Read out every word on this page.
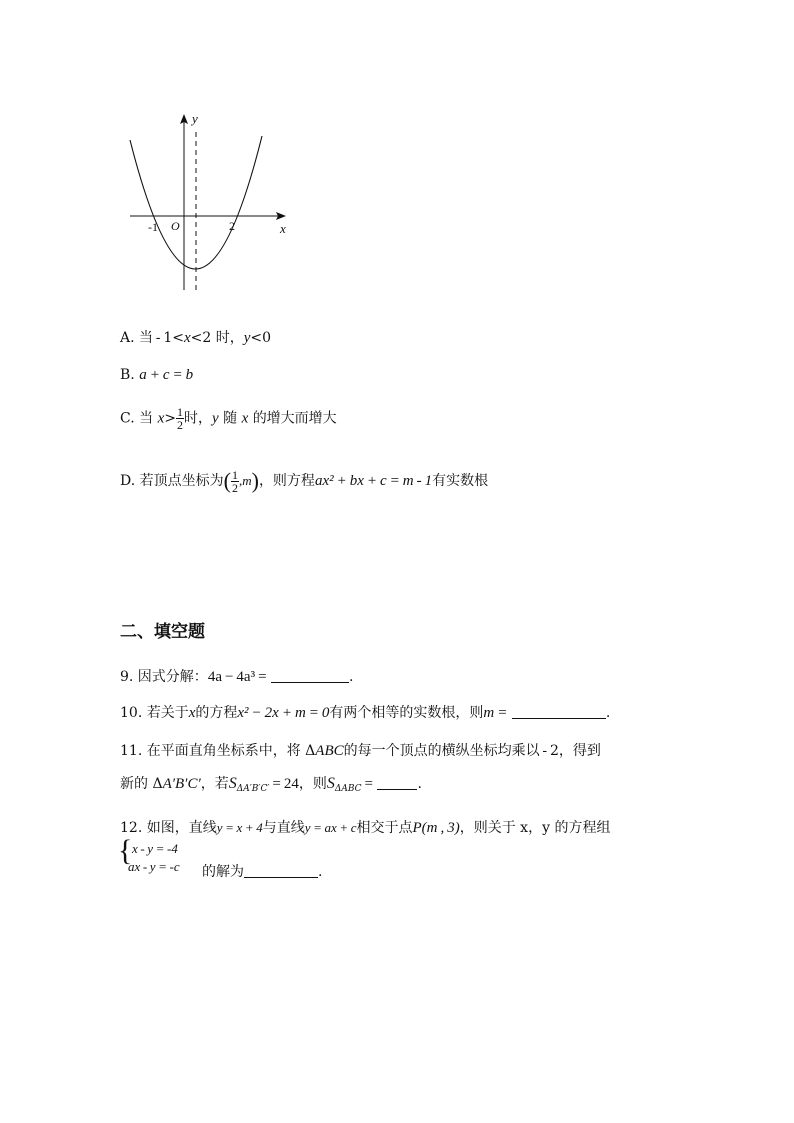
y
x
O
-1	2
A. 当 - 1<x<2 时，y<0
B. a + c = b
C. 当 $x> \frac{1}{2}$ 时，y 随 x 的增大而增大
D. 若顶点坐标为( $\frac{1}{2} ,m$)，则方程ax² + bx + c = m - 1有实数根
二、填空题
9. 因式分解：4a − 4a³ =	.
10. 若关于x的方程x² − 2x + m = 0有两个相等的实数根，则m =	.
11. 在平面直角坐标系中，将 ΔABC的每一个顶点的横纵坐标均乘以 - 2，得到
新的 ΔA′B′C′，若$S_{\Delta A'B'C'} = 24$，则$S_{\Delta ABC}$ =	.
12. 如图，直线y = x + 4与直线y = ax + c相交于点P(m , 3)，则关于 x，y 的方程组
{ x - y = -4
ax - y = -c 的解为	.
